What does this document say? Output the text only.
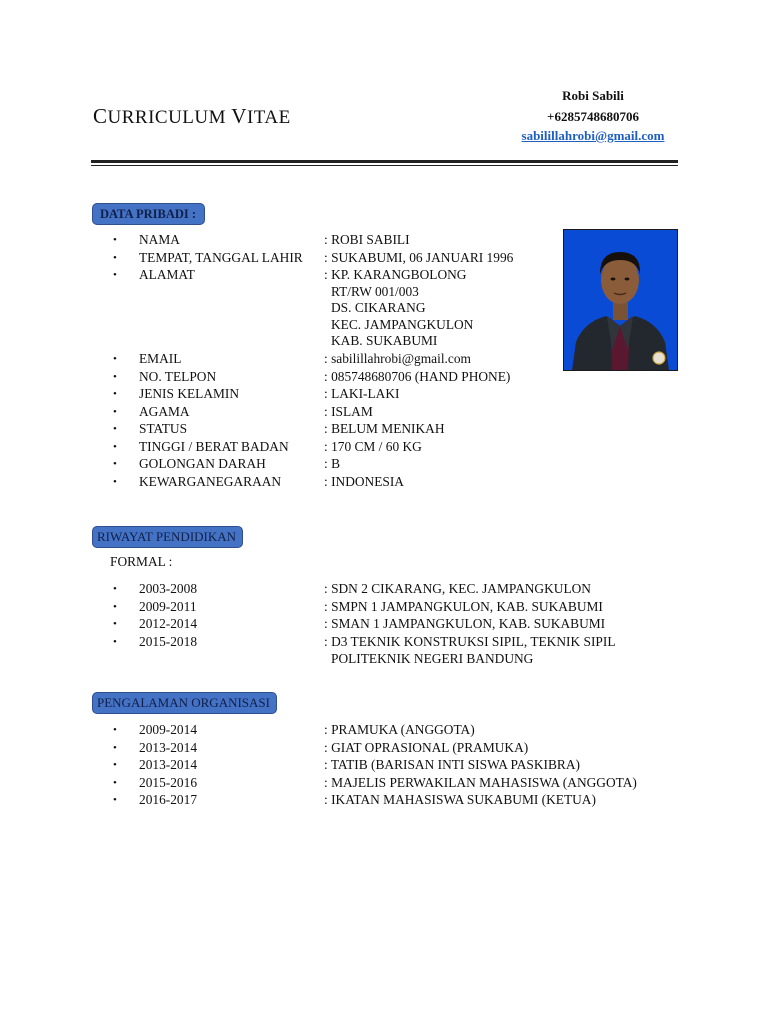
CURRICULUM VITAE
Robi Sabili
+6285748680706
sabilillahrobi@gmail.com
DATA PRIBADI :
• NAMA	: ROBI SABILI
• TEMPAT, TANGGAL LAHIR : SUKABUMI, 06 JANUARI 1996
• ALAMAT	: KP. KARANGBOLONG
RT/RW 001/003
DS. CIKARANG
KEC. JAMPANGKULON
KAB. SUKABUMI
• EMAIL	: sabilillahrobi@gmail.com
• NO. TELPON	: 085748680706 (HAND PHONE)
• JENIS KELAMIN	: LAKI-LAKI
• AGAMA	: ISLAM
• STATUS	: BELUM MENIKAH
• TINGGI / BERAT BADAN	: 170 CM / 60 KG
• GOLONGAN DARAH	: B
• KEWARGANEGARAAN	: INDONESIA
RIWAYAT PENDIDIKAN
FORMAL :
• 2003-2008	: SDN 2 CIKARANG, KEC. JAMPANGKULON
• 2009-2011	: SMPN 1 JAMPANGKULON, KAB. SUKABUMI
• 2012-2014	: SMAN 1 JAMPANGKULON, KAB. SUKABUMI
• 2015-2018	: D3 TEKNIK KONSTRUKSI SIPIL, TEKNIK SIPIL
POLITEKNIK NEGERI BANDUNG
PENGALAMAN ORGANISASI
• 2009-2014	: PRAMUKA (ANGGOTA)
• 2013-2014	: GIAT OPRASIONAL (PRAMUKA)
• 2013-2014	: TATIB (BARISAN INTI SISWA PASKIBRA)
• 2015-2016	: MAJELIS PERWAKILAN MAHASISWA (ANGGOTA)
• 2016-2017	: IKATAN MAHASISWA SUKABUMI (KETUA)
